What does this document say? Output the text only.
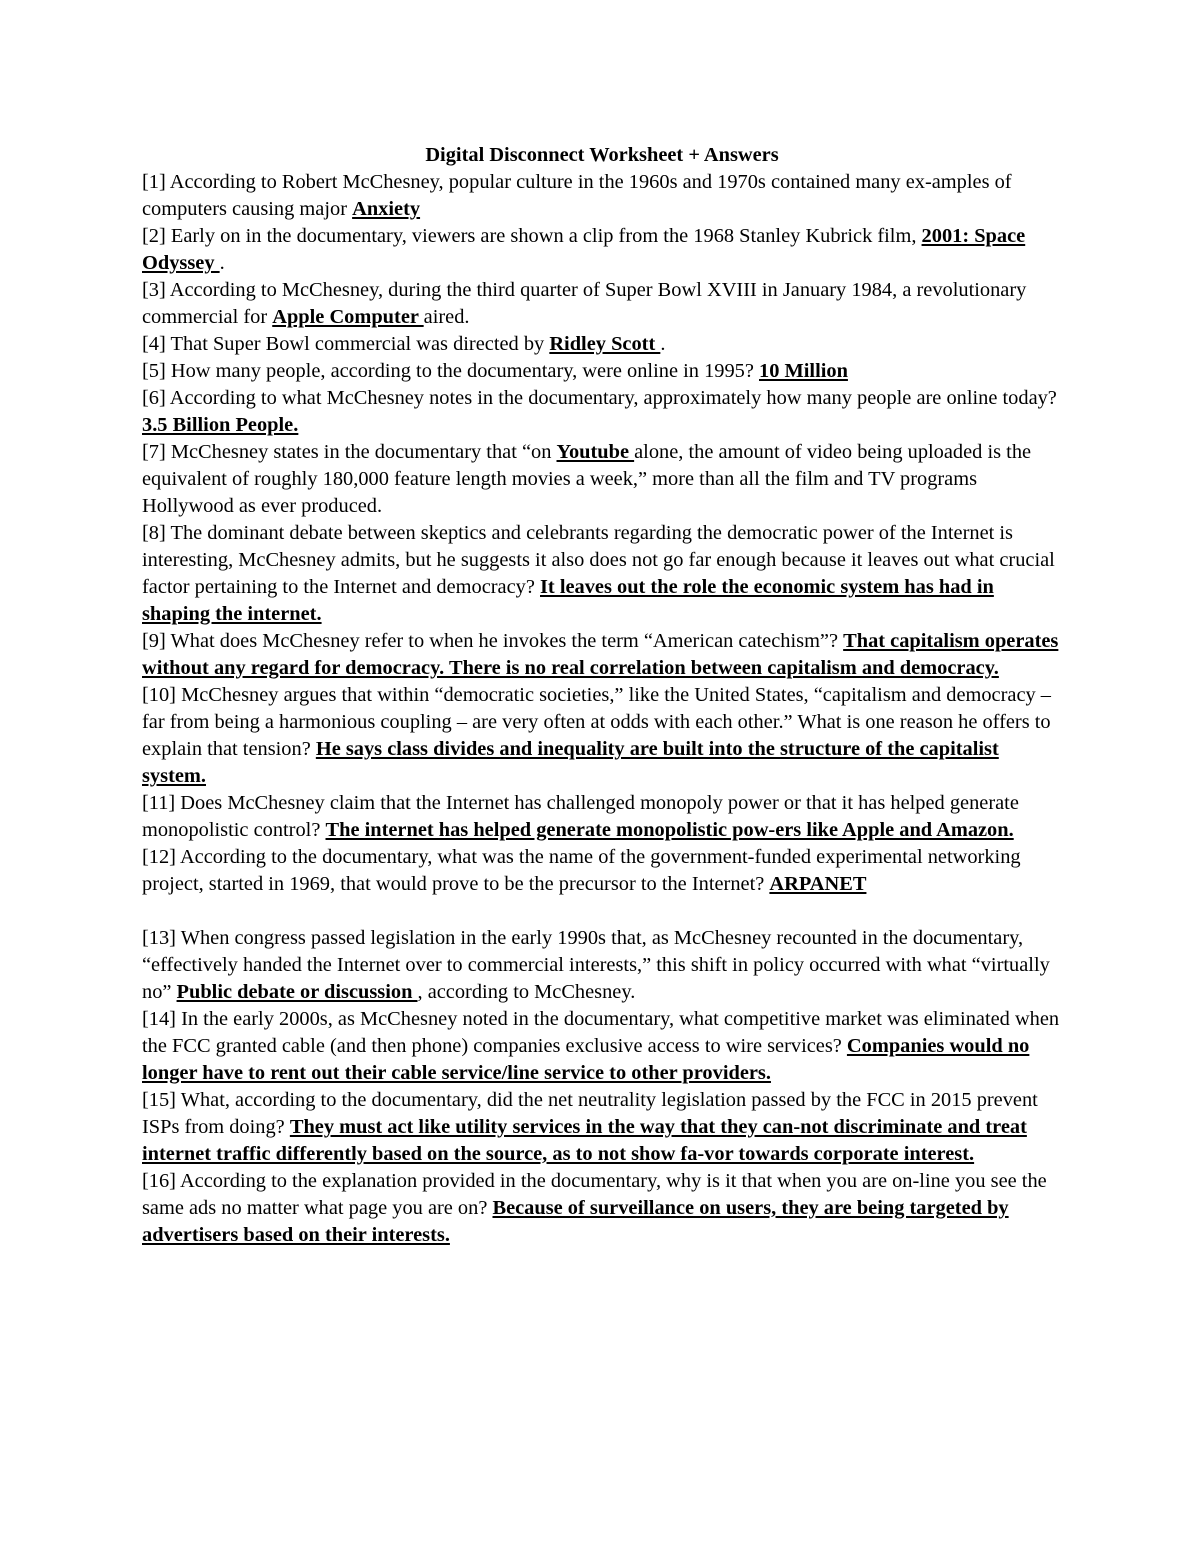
Digital Disconnect Worksheet + Answers

[1] According to Robert McChesney, popular culture in the 1960s and 1970s contained many ex-amples of computers causing major Anxiety

[2] Early on in the documentary, viewers are shown a clip from the 1968 Stanley Kubrick film, 2001: Space Odyssey .

[3] According to McChesney, during the third quarter of Super Bowl XVIII in January 1984, a revolutionary commercial for Apple Computer aired.

[4] That Super Bowl commercial was directed by Ridley Scott .

[5] How many people, according to the documentary, were online in 1995? 10 Million

[6] According to what McChesney notes in the documentary, approximately how many people are online today? 3.5 Billion People.

[7] McChesney states in the documentary that “on Youtube alone, the amount of video being uploaded is the equivalent of roughly 180,000 feature length movies a week,” more than all the film and TV programs Hollywood as ever produced.

[8] The dominant debate between skeptics and celebrants regarding the democratic power of the Internet is interesting, McChesney admits, but he suggests it also does not go far enough because it leaves out what crucial factor pertaining to the Internet and democracy? It leaves out the role the economic system has had in shaping the internet.

[9] What does McChesney refer to when he invokes the term “American catechism”? That capitalism operates without any regard for democracy. There is no real correlation between capitalism and democracy.

[10] McChesney argues that within “democratic societies,” like the United States, “capitalism and democracy – far from being a harmonious coupling – are very often at odds with each other.” What is one reason he offers to explain that tension? He says class divides and inequality are built into the structure of the capitalist system.

[11] Does McChesney claim that the Internet has challenged monopoly power or that it has helped generate monopolistic control? The internet has helped generate monopolistic pow-ers like Apple and Amazon.

[12] According to the documentary, what was the name of the government-funded experimental networking project, started in 1969, that would prove to be the precursor to the Internet? ARPANET

[13] When congress passed legislation in the early 1990s that, as McChesney recounted in the documentary, “effectively handed the Internet over to commercial interests,” this shift in policy occurred with what “virtually no” Public debate or discussion , according to McChesney.

[14] In the early 2000s, as McChesney noted in the documentary, what competitive market was eliminated when the FCC granted cable (and then phone) companies exclusive access to wire services? Companies would no longer have to rent out their cable service/line service to other providers.

[15] What, according to the documentary, did the net neutrality legislation passed by the FCC in 2015 prevent ISPs from doing? They must act like utility services in the way that they can-not discriminate and treat internet traffic differently based on the source, as to not show fa-vor towards corporate interest.

[16] According to the explanation provided in the documentary, why is it that when you are on-line you see the same ads no matter what page you are on? Because of surveillance on users, they are being targeted by advertisers based on their interests.
